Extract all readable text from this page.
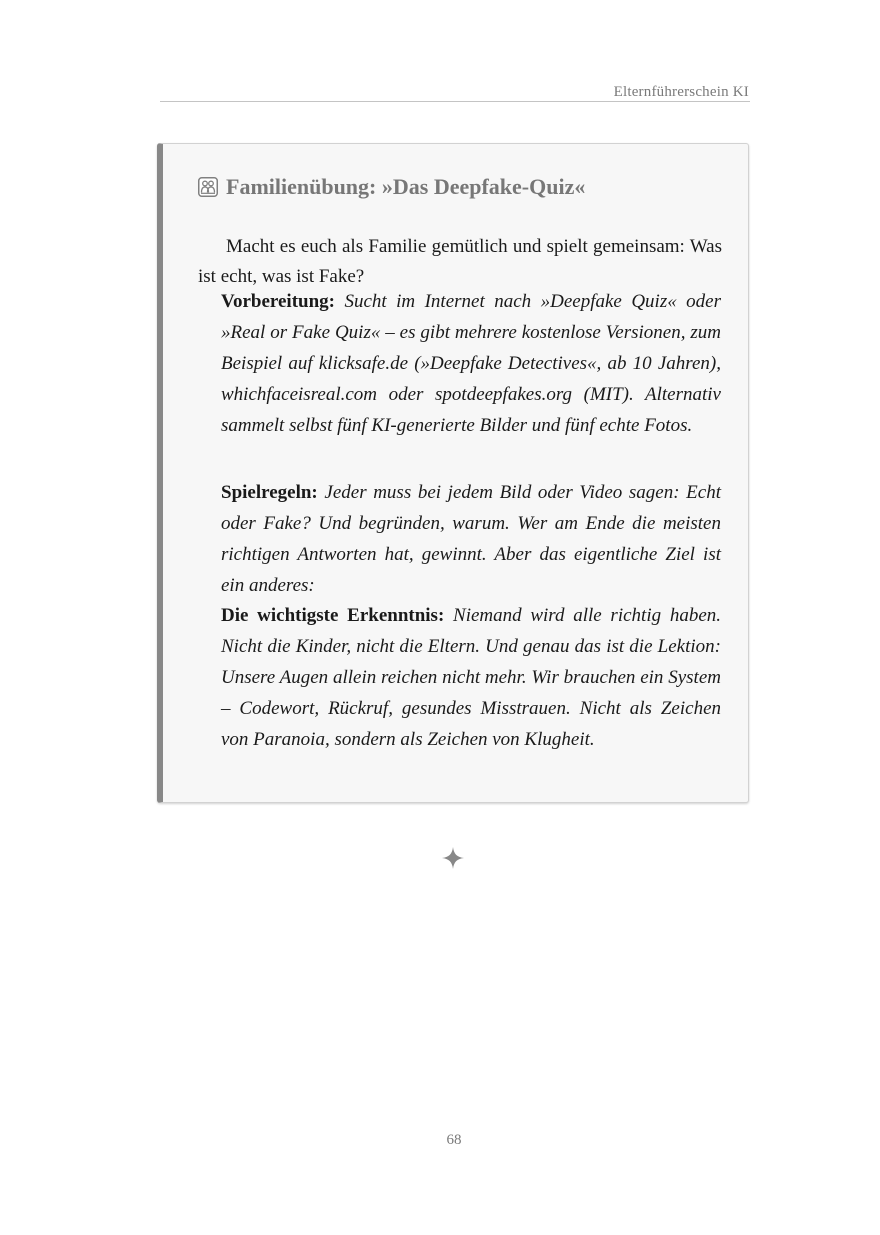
Elternführerschein KI
Familienübung: »Das Deepfake-Quiz«

Macht es euch als Familie gemütlich und spielt gemeinsam: Was ist echt, was ist Fake?

Vorbereitung: Sucht im Internet nach »Deepfake Quiz« oder »Real or Fake Quiz« – es gibt mehrere kostenlose Versionen, zum Beispiel auf klicksafe.de (»Deepfake Detectives«, ab 10 Jahren), whichfaceisreal.com oder spotdeepfakes.org (MIT). Alternativ sammelt selbst fünf KI-generierte Bilder und fünf echte Fotos.

Spielregeln: Jeder muss bei jedem Bild oder Video sagen: Echt oder Fake? Und begründen, warum. Wer am Ende die meisten richtigen Antworten hat, gewinnt. Aber das eigentliche Ziel ist ein anderes:

Die wichtigste Erkenntnis: Niemand wird alle richtig haben. Nicht die Kinder, nicht die Eltern. Und genau das ist die Lektion: Unsere Augen allein reichen nicht mehr. Wir brauchen ein System – Codewort, Rückruf, gesundes Misstrauen. Nicht als Zeichen von Paranoia, sondern als Zeichen von Klugheit.

68
